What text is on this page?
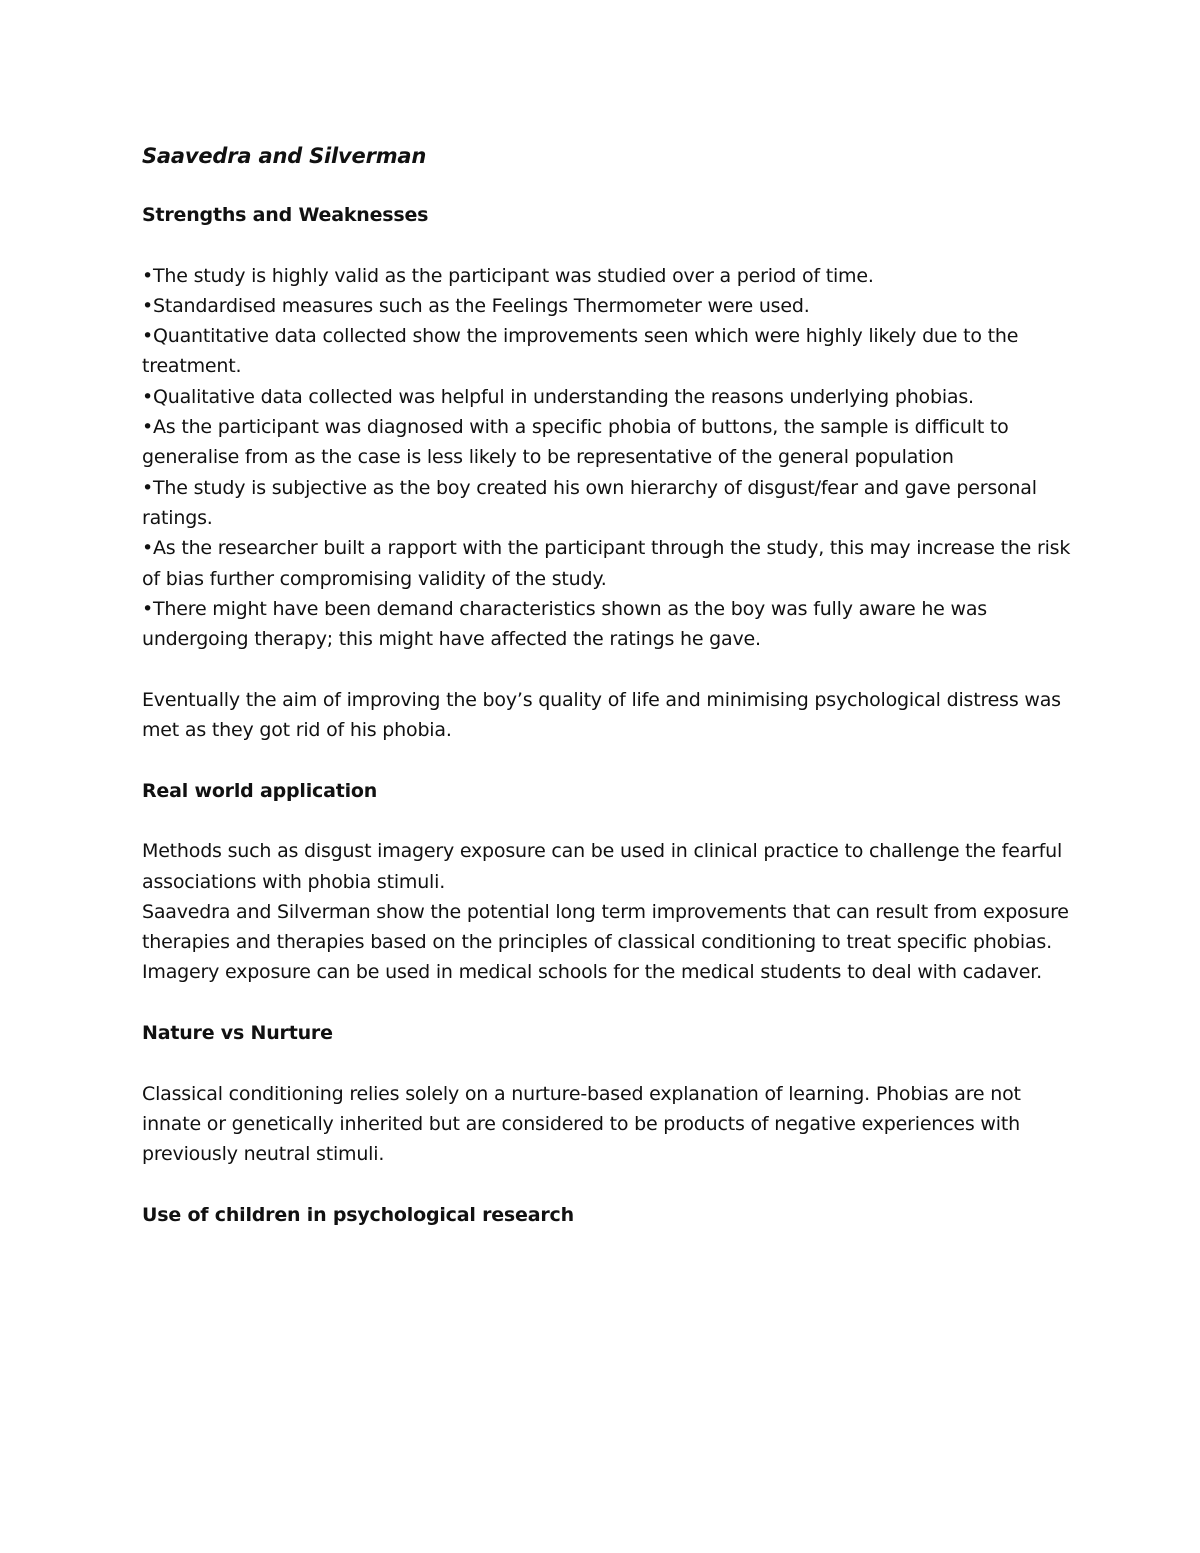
Saavedra and Silverman
Strengths and Weaknesses
•The study is highly valid as the participant was studied over a period of time.
•Standardised measures such as the Feelings Thermometer were used.
•Quantitative data collected show the improvements seen which were highly likely due to the treatment.
•Qualitative data collected was helpful in understanding the reasons underlying phobias.
•As the participant was diagnosed with a specific phobia of buttons, the sample is difficult to generalise from as the case is less likely to be representative of the general population
•The study is subjective as the boy created his own hierarchy of disgust/fear and gave personal ratings.
•As the researcher built a rapport with the participant through the study, this may increase the risk of bias further compromising validity of the study.
•There might have been demand characteristics shown as the boy was fully aware he was undergoing therapy; this might have affected the ratings he gave.

Eventually the aim of improving the boy’s quality of life and minimising psychological distress was met as they got rid of his phobia.

Real world application

Methods such as disgust imagery exposure can be used in clinical practice to challenge the fearful associations with phobia stimuli.

Saavedra and Silverman show the potential long term improvements that can result from exposure therapies and therapies based on the principles of classical conditioning to treat specific phobias.

Imagery exposure can be used in medical schools for the medical students to deal with cadaver.

Nature vs Nurture

Classical conditioning relies solely on a nurture-based explanation of learning. Phobias are not innate or genetically inherited but are considered to be products of negative experiences with previously neutral stimuli.

Use of children in psychological research
